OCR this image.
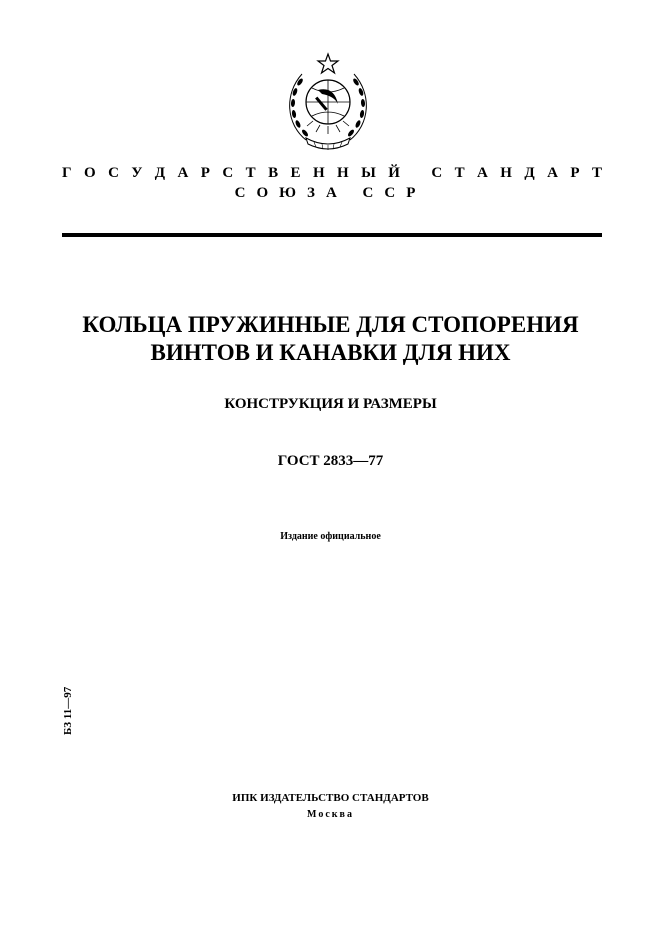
Г О С У Д А Р С Т В Е Н Н Ы Й С Т А Н Д А Р Т
СОЮЗА ССР
КОЛЬЦА ПРУЖИННЫЕ ДЛЯ СТОПОРЕНИЯ
ВИНТОВ И КАНАВКИ ДЛЯ НИХ
КОНСТРУКЦИЯ И РАЗМЕРЫ
ГОСТ 2833—77
Издание официальное
БЗ 11—97
ИПК ИЗДАТЕЛЬСТВО СТАНДАРТОВ
Москва
